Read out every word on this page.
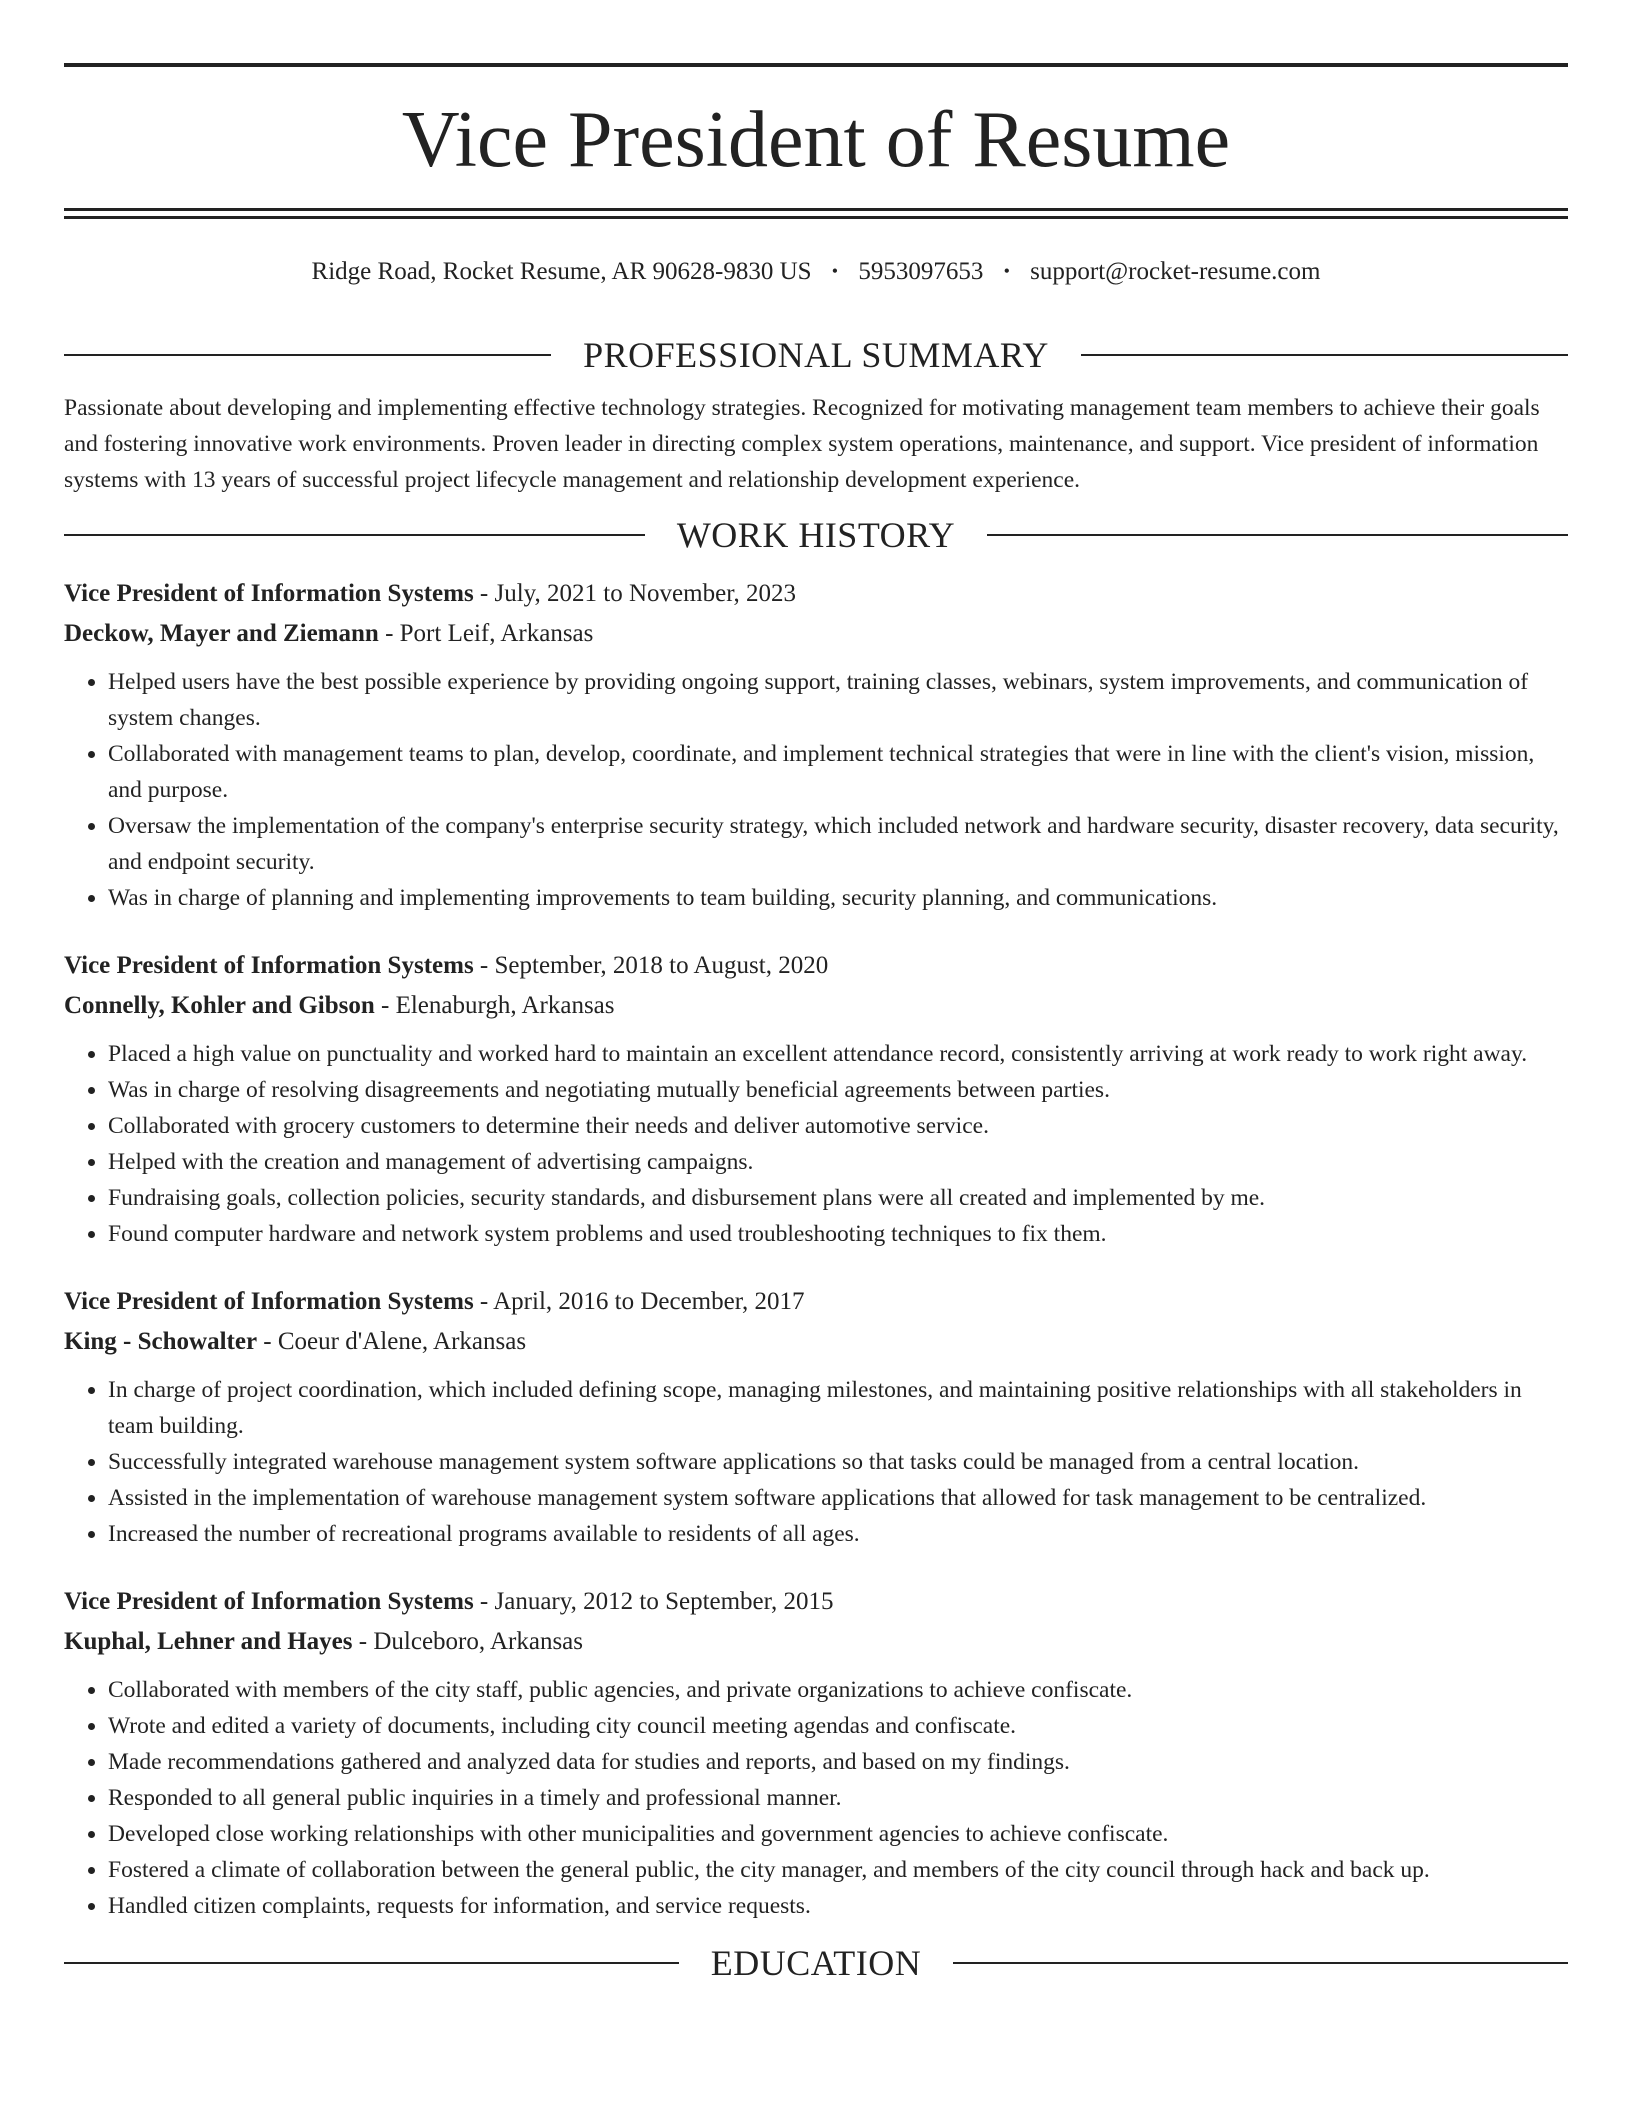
Vice President of Resume
Ridge Road, Rocket Resume, AR 90628-9830 US • 5953097653 • support@rocket-resume.com
PROFESSIONAL SUMMARY

Passionate about developing and implementing effective technology strategies. Recognized for motivating management team members to achieve their goals and fostering innovative work environments. Proven leader in directing complex system operations, maintenance, and support. Vice president of information systems with 13 years of successful project lifecycle management and relationship development experience.

WORK HISTORY
Vice President of Information Systems - July, 2021 to November, 2023
Deckow, Mayer and Ziemann - Port Leif, Arkansas
• Helped users have the best possible experience by providing ongoing support, training classes, webinars, system improvements, and communication of system changes.
• Collaborated with management teams to plan, develop, coordinate, and implement technical strategies that were in line with the client's vision, mission, and purpose.
• Oversaw the implementation of the company's enterprise security strategy, which included network and hardware security, disaster recovery, data security, and endpoint security.
• Was in charge of planning and implementing improvements to team building, security planning, and communications.
Vice President of Information Systems - September, 2018 to August, 2020
Connelly, Kohler and Gibson - Elenaburgh, Arkansas
• Placed a high value on punctuality and worked hard to maintain an excellent attendance record, consistently arriving at work ready to work right away.
• Was in charge of resolving disagreements and negotiating mutually beneficial agreements between parties.
• Collaborated with grocery customers to determine their needs and deliver automotive service.
• Helped with the creation and management of advertising campaigns.
• Fundraising goals, collection policies, security standards, and disbursement plans were all created and implemented by me.
• Found computer hardware and network system problems and used troubleshooting techniques to fix them.
Vice President of Information Systems - April, 2016 to December, 2017
King - Schowalter - Coeur d'Alene, Arkansas
• In charge of project coordination, which included defining scope, managing milestones, and maintaining positive relationships with all stakeholders in team building.
• Successfully integrated warehouse management system software applications so that tasks could be managed from a central location.
• Assisted in the implementation of warehouse management system software applications that allowed for task management to be centralized.
• Increased the number of recreational programs available to residents of all ages.
Vice President of Information Systems - January, 2012 to September, 2015
Kuphal, Lehner and Hayes - Dulceboro, Arkansas
• Collaborated with members of the city staff, public agencies, and private organizations to achieve confiscate.
• Wrote and edited a variety of documents, including city council meeting agendas and confiscate.
• Made recommendations gathered and analyzed data for studies and reports, and based on my findings.
• Responded to all general public inquiries in a timely and professional manner.
• Developed close working relationships with other municipalities and government agencies to achieve confiscate.
• Fostered a climate of collaboration between the general public, the city manager, and members of the city council through hack and back up.
• Handled citizen complaints, requests for information, and service requests.
EDUCATION
